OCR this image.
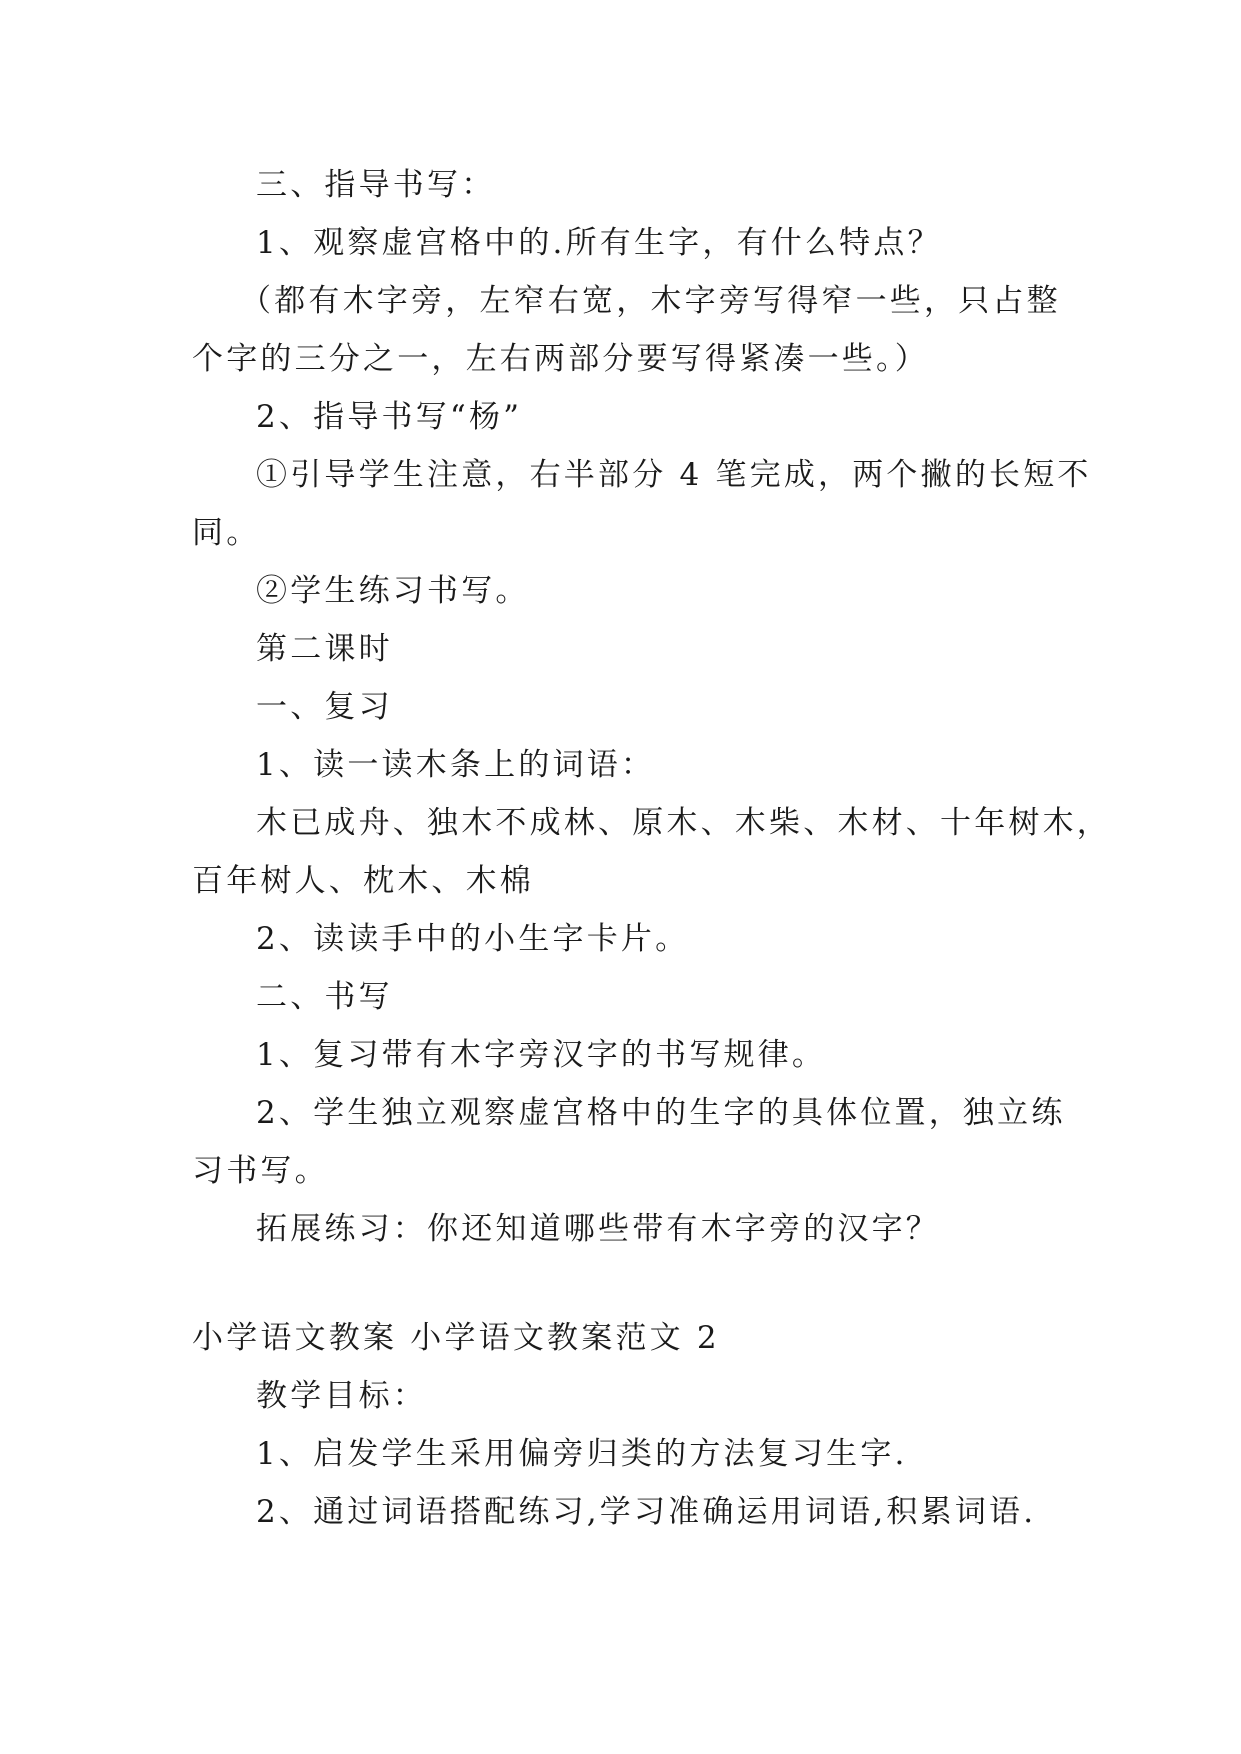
三、指导书写：
1、观察虚宫格中的.所有生字，有什么特点？
（都有木字旁，左窄右宽，木字旁写得窄一些，只占整
个字的三分之一，左右两部分要写得紧凑一些。）
2、指导书写“杨”
①引导学生注意，右半部分 4 笔完成，两个撇的长短不
同。
②学生练习书写。
第二课时
一、复习
1、读一读木条上的词语：
木已成舟、独木不成林、原木、木柴、木材、十年树木，
百年树人、枕木、木棉
2、读读手中的小生字卡片。
二、书写
1、复习带有木字旁汉字的书写规律。
2、学生独立观察虚宫格中的生字的具体位置，独立练
习书写。
拓展练习：你还知道哪些带有木字旁的汉字？
小学语文教案 小学语文教案范文 2
教学目标：
1、启发学生采用偏旁归类的方法复习生字.
2、通过词语搭配练习,学习准确运用词语,积累词语.
